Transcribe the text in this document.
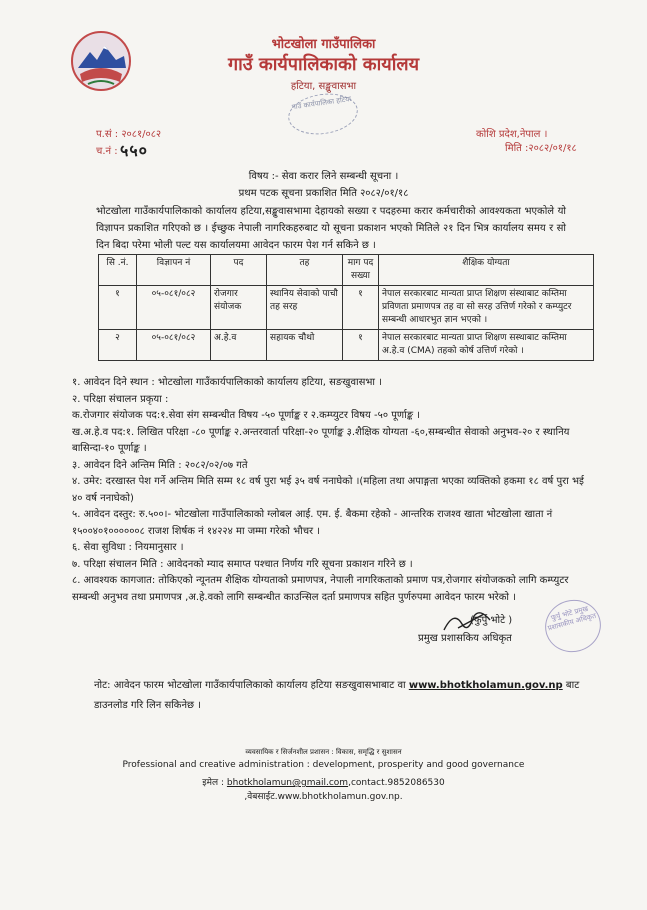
भोटखोला गाउँपालिका
गाउँ कार्यपालिकाको कार्यालय
हटिया, सङ्खुवासभा
गाउँ कार्यपालिका हटिया
प.सं : २०८१/०८२
च.नं : ५५०
कोशि प्रदेश,नेपाल ।
मिति :२०८२/०१/१८
विषय :- सेवा करार लिने सम्बन्धी सूचना ।
प्रथम पटक सूचना प्रकाशित मिति २०८२/०१/१८
भोटखोला गाउँकार्यपालिकाको कार्यालय हटिया,सङ्खुवासभामा देहायको सख्या र पदहरुमा करार कर्मचारीको आवश्यकता भएकोले यो विज्ञापन प्रकाशित गरिएको छ । ईच्छुक नेपाली नागरिकहरुबाट यो सूचना प्रकाशन भएको मितिले २१ दिन भित्र कार्यालय समय र सो दिन बिदा परेमा भोली पल्ट यस कार्यालयमा आवेदन फारम पेश गर्न सकिने छ ।
सि .नं.	विज्ञापन नं	पद	तह	माग पद सख्या	शैक्षिक योग्यता
१	०५-०८१/०८२	रोजगार संयोजक	स्थानिय सेवाको पाचौ तह सरह	१	नेपाल सरकारबाट मान्यता प्राप्त शिक्षण संस्थाबाट कम्तिमा प्रविणता प्रमाणपत्र तह वा सो सरह उत्तिर्ण गरेको र कम्प्युटर सम्बन्धी आधारभुत ज्ञान भएको ।
२	०५-०८१/०८२	अ.हे.व	सहायक चौथो	१	नेपाल सरकारबाट मान्यता प्राप्त शिक्षण सस्थाबाट कम्तिमा अ.हे.व (CMA) तहको कोर्ष उत्तिर्ण गरेको ।

१. आवेदन दिने स्थान : भोटखोला गाउँकार्यपालिकाको कार्यालय हटिया, सङखुवासभा ।

२. परिक्षा संचालन प्रकृया :

क.रोजगार संयोजक पद:१.सेवा संग सम्बन्धीत विषय -५० पूर्णाङ्क र २.कम्प्युटर विषय -५० पूर्णाङ्क ।

ख.अ.हे.व पद:१. लिखित परिक्षा -८० पूर्णाङ्क २.अन्तरवार्ता परिक्षा-२० पूर्णाङ्क ३.शैक्षिक योग्यता -६०,सम्बन्धीत सेवाको अनुभव-२० र स्थानिय बासिन्दा-१० पूर्णाङ्क ।

३. आवेदन दिने अन्तिम मिति : २०८२/०२/०७ गते

४. उमेर: दरखास्त पेश गर्ने अन्तिम मिति सम्म १८ वर्ष पुरा भई ३५ वर्ष ननाघेको ।(महिला तथा अपाङ्गता भएका व्यक्तिको हकमा १८ वर्ष पुरा भई ४० वर्ष ननाघेको)

५. आवेदन दस्तुर: रु.५००।- भोटखोला गाउँपालिकाको ग्लोबल आई. एम. ई. बैकमा रहेको - आन्तरिक राजश्व खाता भोटखोला खाता नं १५००४०१००००००८ राजश शिर्षक नं १४२२४ मा जम्मा गरेको भौचर ।

६. सेवा सुविधा : नियमानुसार ।

७. परिक्षा संचालन मिति : आवेदनको म्याद समाप्त पश्चात निर्णय गरि सूचना प्रकाशन गरिने छ ।

८. आवश्यक कागजात: तोकिएको न्यूनतम शैक्षिक योग्यताको प्रमाणपत्र, नेपाली नागरिकताको प्रमाण पत्र,रोजगार संयोजकको लागि कम्प्युटर सम्बन्धी अनुभव तथा प्रमाणपत्र ,अ.हे.वको लागि सम्बन्धीत काउन्सिल दर्ता प्रमाणपत्र सहित पुर्णरुपमा आवेदन फारम भरेको ।

फुर्पु भोटे प्रमुख प्रशासकीय अधिकृत
(फुर्पु भोटे )
प्रमुख प्रशासकिय अधिकृत
नोट: आवेदन फारम भोटखोला गाउँकार्यपालिकाको कार्यालय हटिया सङखुवासभाबाट वा www.bhotkholamun.gov.np बाट डाउनलोड गरि लिन सकिनेछ ।
व्यवसायिक र सिर्जनशील प्रशासन : विकास, समृद्धि र सुशासन
Professional and creative administration : development, prosperity and good governance
इमेल : bhotkholamun@gmail.com,contact.9852086530
,वेबसाईट.www.bhotkholamun.gov.np.
